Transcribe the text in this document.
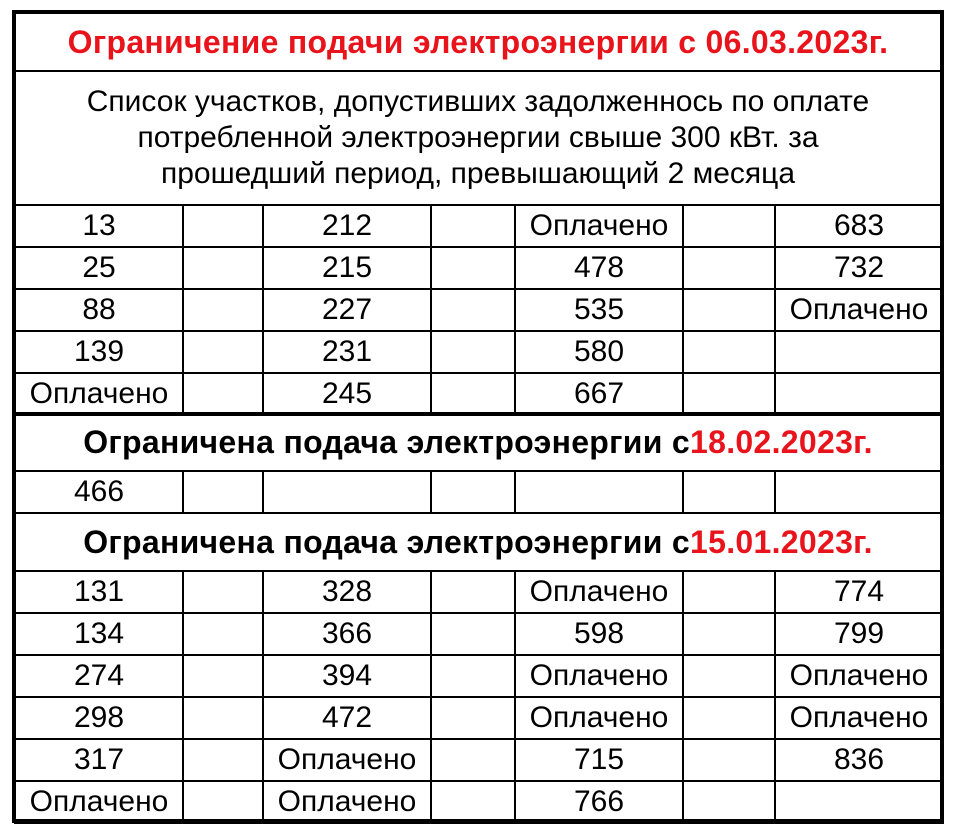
Ограничение подачи электроэнергии с 06.03.2023г.
Список участков, допустивших задолженнось по оплате
потребленной электроэнергии свыше 300 кВт. за
прошедший период, превышающий 2 месяца
13	212	Оплачено	683
25	215	478	732
88	227	535	Оплачено
139	231	580
Оплачено	245	667
Ограничена подача электроэнергии с 18.02.2023г.
466
Ограничена подача электроэнергии с 15.01.2023г.
131	328	Оплачено	774
134	366	598	799
274	394	Оплачено	Оплачено
298	472	Оплачено	Оплачено
317	Оплачено	715	836
Оплачено	Оплачено	766
